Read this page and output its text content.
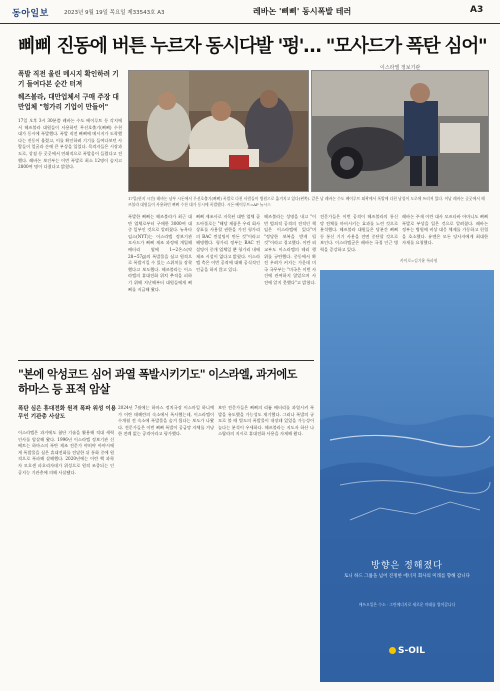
동아일보	2023년 9월 19일 목요일 제33543호 A3	레바논 '삐삐' 동시폭발 테러	A3
삐삐 진동에 버튼 누르자 동시다발 '펑'… "모사드가 폭탄 심어"
이스라엘 정보기관
폭발 직전 울린 메시지 확인하려 기기 들여다본 순간 터져
헤즈볼라, 대만업체서 구매 주장 대만업체 "헝가리 기업이 만들어"
17일 오후 3시 30분쯤 레바논 수도 베이루트 등 각지에서 헤즈볼라 대원들이 사용하던 무선호출기(삐삐) 수천 대가 동시에 폭발했다. 폭발 직전 삐삐에 메시지가 도착했다는 진동이 울렸고, 이를 확인하려 기기를 들여다보던 사람들이 얼굴과 손에 큰 부상을 입었다. 목격자들은 시장과 도로, 상점 등 곳곳에서 연쇄적으로 폭발음이 들렸다고 전했다. 레바논 보건부는 이번 폭발로 최소 12명이 숨지고 2800여 명이 다쳤다고 밝혔다.
17일(현지 시간) 레바논 남부 시돈에서 무선호출기(삐삐) 폭발로 다친 사람들이 병원으로 옮겨지고 있다(왼쪽). 같은 날 레바논 수도 베이루트 외곽에서 폭발에 다친 남성이 도로에 쓰러져 있다. 이날 레바논 곳곳에서 헤즈볼라 대원들이 사용하던 삐삐 수천 대가 동시에 폭발했다. 시돈·베이루트=AP 뉴시스
폭발한 삐삐는 헤즈볼라가 최근 대만 업체로부터 구매한 3000여 대 중 일부인 것으로 알려졌다. 뉴욕타임스(NYT)는 이스라엘 정보기관 모사드가 삐삐 제조 과정에 개입해 배터리 옆에 1~2온스(약 28~57g)의 폭발물을 심고 원격으로 폭발시킬 수 있는 스위치를 장착했다고 보도했다. 헤즈볼라는 이스라엘의 휴대전화 위치 추적을 피하기 위해 지난해부터 대원들에게 삐삐를 지급해 왔다.
삐삐 제조사로 지목된 대만 업체 골드아폴로는 "해당 제품은 우리 회사 상표를 사용할 권한을 가진 헝가리의 BAC 컨설팅이 만든 것"이라고 해명했다. 헝가리 정부는 BAC 컨설팅이 중개 업체일 뿐 헝가리 내에 제조 시설이 없다고 밝혔다. 이스라엘 측은 이번 공격에 대해 공식적인 언급을 하지 않고 있다.
헤즈볼라는 성명을 내고 "이번 범죄적 공격의 전적인 책임은 이스라엘에 있다"며 "정당한 보복을 받게 될 것"이라고 경고했다. 이란 외교부도 이스라엘의 테러 행위를 규탄했다. 중동에서 확전 우려가 커지는 가운데 미국 국무부는 "미국은 이번 사건에 관여하지 않았으며 사전에 알지 못했다"고 밝혔다.
전문가들은 이번 공격이 헤즈볼라의 통신망 전체를 마비시키는 효과를 노린 것으로 분석했다. 헤즈볼라 대원들은 당분간 삐삐 등 통신 기기 사용을 전면 중단할 것으로 보인다. 이스라엘군은 레바논 국경 인근 병력을 증강하고 있다.
레바논 주재 이란 대사 모즈타바 아마니도 삐삐 폭발로 부상을 입은 것으로 알려졌다. 레바논 정부는 병원에 비상 대응 체제를 가동하고 헌혈을 호소했다. 유엔은 모든 당사자에게 최대한 자제를 요청했다.
카이로=김기윤 특파원
"본에 악성코드 심어 과열 폭발시키기도" 이스라엘, 과거에도 하마스 등 표적 암살
폭탄 심은 휴대전화 원격 폭파 위성 이용 무인 기관총 사살도
이스라엘은 과거에도 첨단 기술을 활용해 적대 세력 인사를 암살해 왔다. 1996년 이스라엘 정보기관 신베트는 하마스의 폭탄 제조 전문가 야히야 아야시에게 폭발물을 심은 휴대전화를 전달한 뒤 통화 중에 원격으로 폭파해 살해했다. 2020년에는 이란 핵 과학자 모흐센 파흐리자데가 위성으로 원격 조종되는 인공지능 기관총에 의해 사살됐다.
2024년 7월에는 하마스 정치국장 이스마일 하니예가 이란 테헤란의 숙소에서 폭사했는데, 이스라엘이 수개월 전 숙소에 폭발물을 숨겨 뒀다는 보도가 나왔다. 전문가들은 이번 삐삐 폭발이 공급망 자체를 겨냥한 전례 없는 공격이라고 평가했다.
보안 전문가들은 삐삐의 리튬 배터리를 과열시켜 폭발을 유도했을 가능성도 제기했다. 그러나 폭발의 규모로 볼 때 별도의 폭발물이 내장돼 있었을 가능성이 높다는 분석이 우세하다. 헤즈볼라는 지도자 하산 나스랄라의 지시로 휴대전화 사용을 자제해 왔다.
방향은 정해졌다
토니 하드 그룹을 넘어 진정한 에너지 회사의 미래를 향해 갑니다
에쓰오일은 수소 · 그린에너지로 새로운 미래를 열어갑니다
S-OIL
